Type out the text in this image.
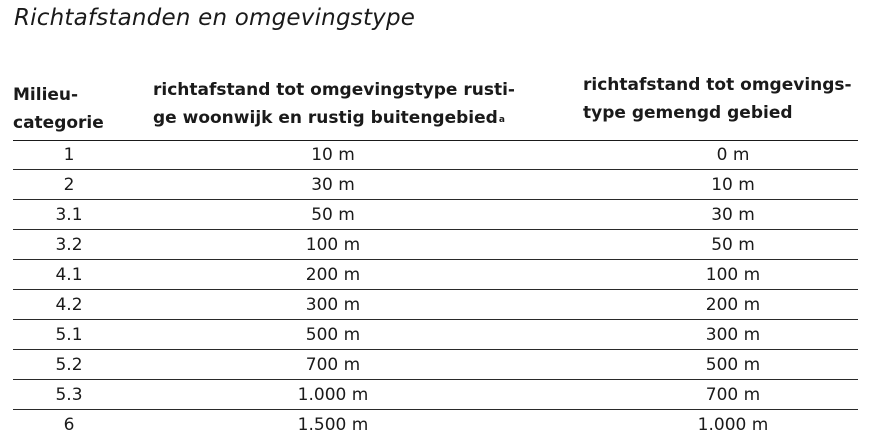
Richtafstanden en omgevingstype
Milieu-
categorie
richtafstand tot omgevingstype rusti-
ge woonwijk en rustig buitengebied$^a$
richtafstand tot omgevings-
type gemengd gebied
1	10 m	0 m
2	30 m	10 m
3.1	50 m	30 m
3.2	100 m	50 m
4.1	200 m	100 m
4.2	300 m	200 m
5.1	500 m	300 m
5.2	700 m	500 m
5.3	1.000 m	700 m
6	1.500 m	1.000 m
